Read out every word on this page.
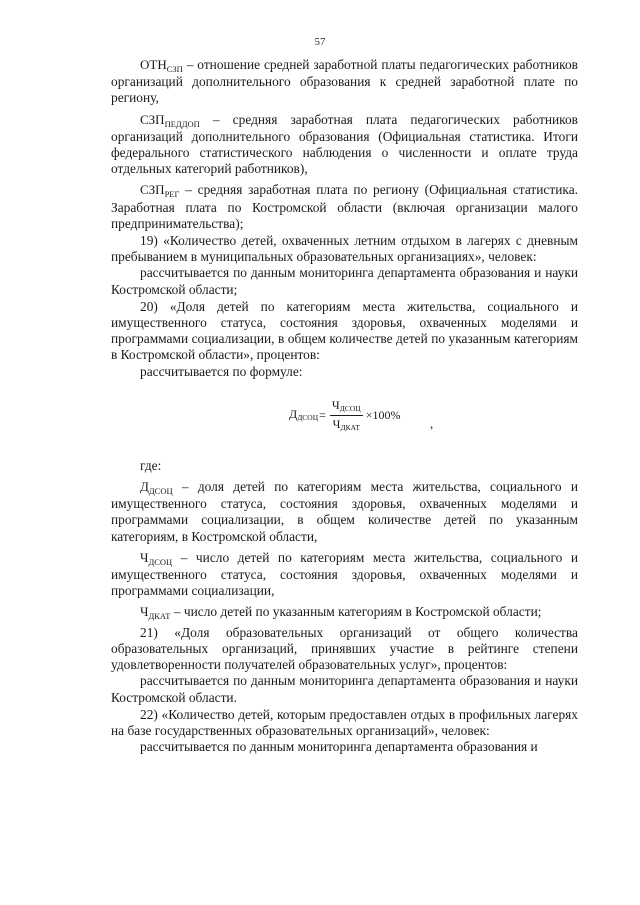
57

$ОТН_{СЗП}$ – отношение средней заработной платы педагогических работников организаций дополнительного образования к средней заработной плате по региону,

$СЗП_{ПЕДДОП}$ – средняя заработная плата педагогических работников организаций дополнительного образования (Официальная статистика. Итоги федерального статистического наблюдения о численности и оплате труда отдельных категорий работников),

$СЗП_{РЕГ}$ – средняя заработная плата по региону (Официальная статистика. Заработная плата по Костромской области (включая организации малого предпринимательства);

19) «Количество детей, охваченных летним отдыхом в лагерях с дневным пребыванием в муниципальных образовательных организациях», человек:

рассчитывается по данным мониторинга департамента образования и науки Костромской области;

20) «Доля детей по категориям места жительства, социального и имущественного статуса, состояния здоровья, охваченных моделями и программами социализации, в общем количестве детей по указанным категориям в Костромской области», процентов:

рассчитывается по формуле:

ДДСОЦ = $\frac{\text{ЧДСОЦ}}{\text{ЧДКАТ}} \times 100\%$
,

где:

$Д_{ДСОЦ}$ – доля детей по категориям места жительства, социального и имущественного статуса, состояния здоровья, охваченных моделями и программами социализации, в общем количестве детей по указанным категориям, в Костромской области,

$Ч_{ДСОЦ}$ – число детей по категориям места жительства, социального и имущественного статуса, состояния здоровья, охваченных моделями и программами социализации,

$Ч_{ДКАТ}$ – число детей по указанным категориям в Костромской области;

21) «Доля образовательных организаций от общего количества образовательных организаций, принявших участие в рейтинге степени удовлетворенности получателей образовательных услуг», процентов:

рассчитывается по данным мониторинга департамента образования и науки Костромской области.

22) «Количество детей, которым предоставлен отдых в профильных лагерях на базе государственных образовательных организаций», человек:

рассчитывается по данным мониторинга департамента образования и
